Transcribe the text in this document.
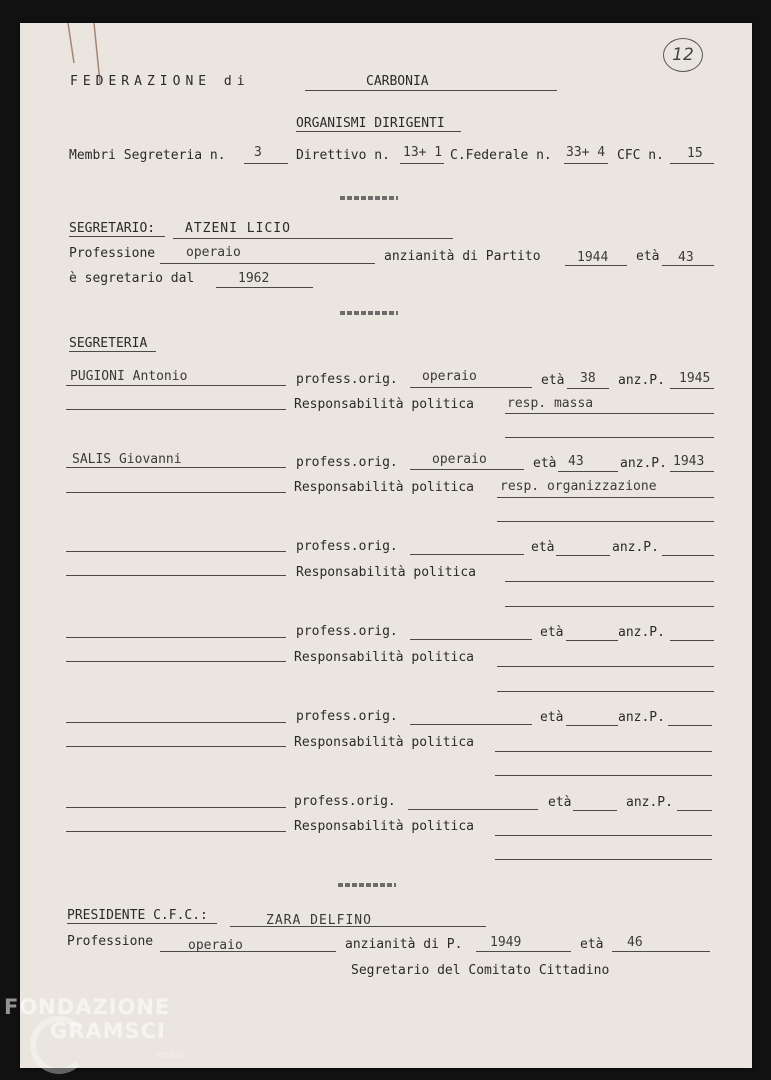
12
FEDERAZIONE di	CARBONIA
ORGANISMI DIRIGENTI
Membri Segreteria n. 3	Direttivo n. 13+ 1 C.Federale n. 33+ 4 CFC n. 15
SEGRETARIO: ATZENI LICIO
Professione operaio	anzianità di Partito	1944 età 43
è segretario dal	1962
SEGRETERIA
PUGIONI Antonio	profess.orig. operaio	età 38 anz.P. 1945
Responsabilità politica	resp. massa
SALIS Giovanni	profess.orig.	operaio	età 43	anz.P. 1943
Responsabilità politica resp. organizzazione
profess.orig.	età	anz.P.
Responsabilità politica
profess.orig.	età	anz.P.
Responsabilità politica
profess.orig.	età	anz.P.
Responsabilità politica
profess.orig.	età	anz.P.
Responsabilità politica
PRESIDENTE C.F.C.:	ZARA DELFINO
Professione	operaio	anzianità di P. 1949	età 46
Segretario del Comitato Cittadino
FONDAZIONE
GRAMSCI
onlus
